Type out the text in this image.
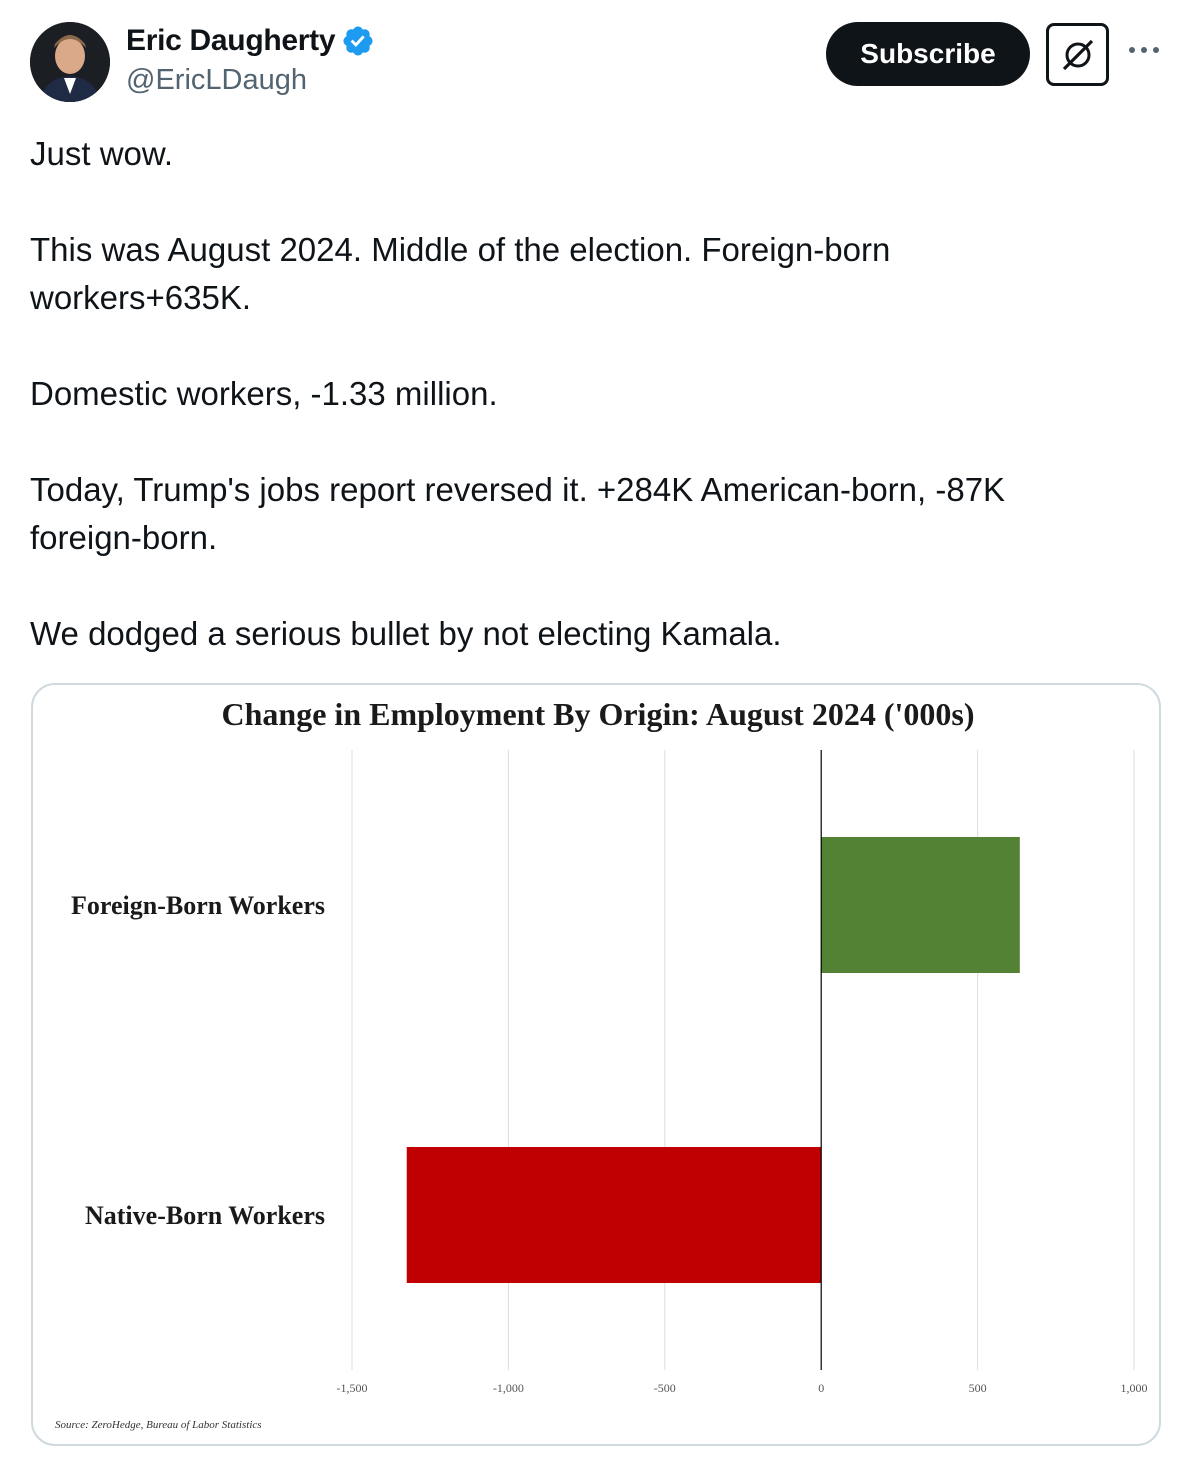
Eric Daugherty
@EricLDaugh
Subscribe

Just wow.

This was August 2024. Middle of the election. Foreign-born workers+635K.

Domestic workers, -1.33 million.

Today, Trump's jobs report reversed it. +284K American-born, -87K foreign-born.

We dodged a serious bullet by not electing Kamala.

Change in Employment By Origin: August 2024 ('000s)
-1,500	-1,000	-500	0	500	1,000
Foreign-Born Workers
Native-Born Workers
Source: ZeroHedge, Bureau of Labor Statistics
